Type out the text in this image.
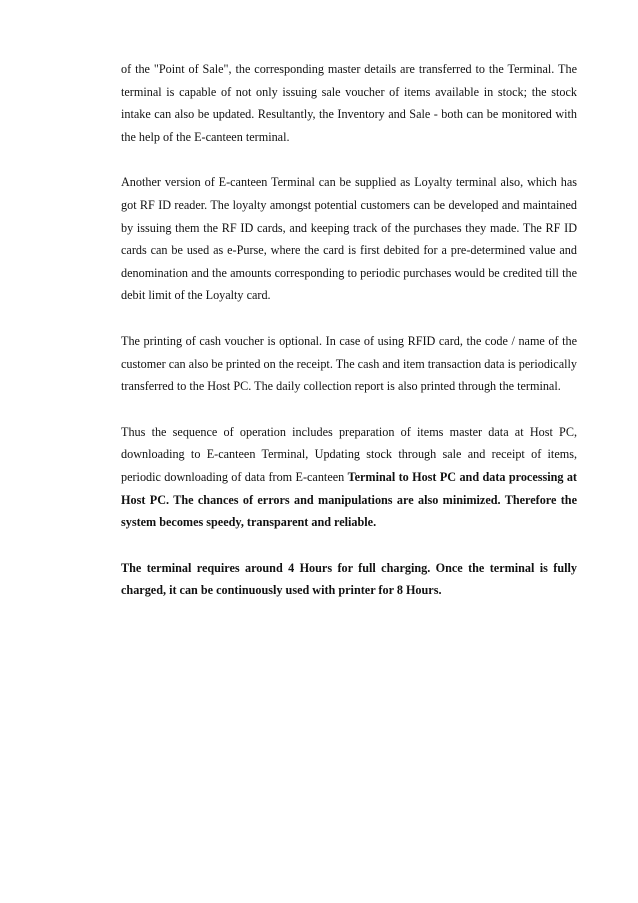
of the "Point of Sale", the corresponding master details are transferred to the Terminal. The terminal is capable of not only issuing sale voucher of items available in stock; the stock intake can also be updated. Resultantly, the Inventory and Sale - both can be monitored with the help of the E-canteen terminal.

Another version of E-canteen Terminal can be supplied as Loyalty terminal also, which has got RF ID reader. The loyalty amongst potential customers can be developed and maintained by issuing them the RF ID cards, and keeping track of the purchases they made. The RF ID cards can be used as e-Purse, where the card is first debited for a pre-determined value and denomination and the amounts corresponding to periodic purchases would be credited till the debit limit of the Loyalty card.

The printing of cash voucher is optional. In case of using RFID card, the code / name of the customer can also be printed on the receipt. The cash and item transaction data is periodically transferred to the Host PC. The daily collection report is also printed through the terminal.

Thus the sequence of operation includes preparation of items master data at Host PC, downloading to E-canteen Terminal, Updating stock through sale and receipt of items, periodic downloading of data from E-canteen Terminal to Host PC and data processing at Host PC. The chances of errors and manipulations are also minimized. Therefore the system becomes speedy, transparent and reliable.

The terminal requires around 4 Hours for full charging. Once the terminal is fully charged, it can be continuously used with printer for 8 Hours.
